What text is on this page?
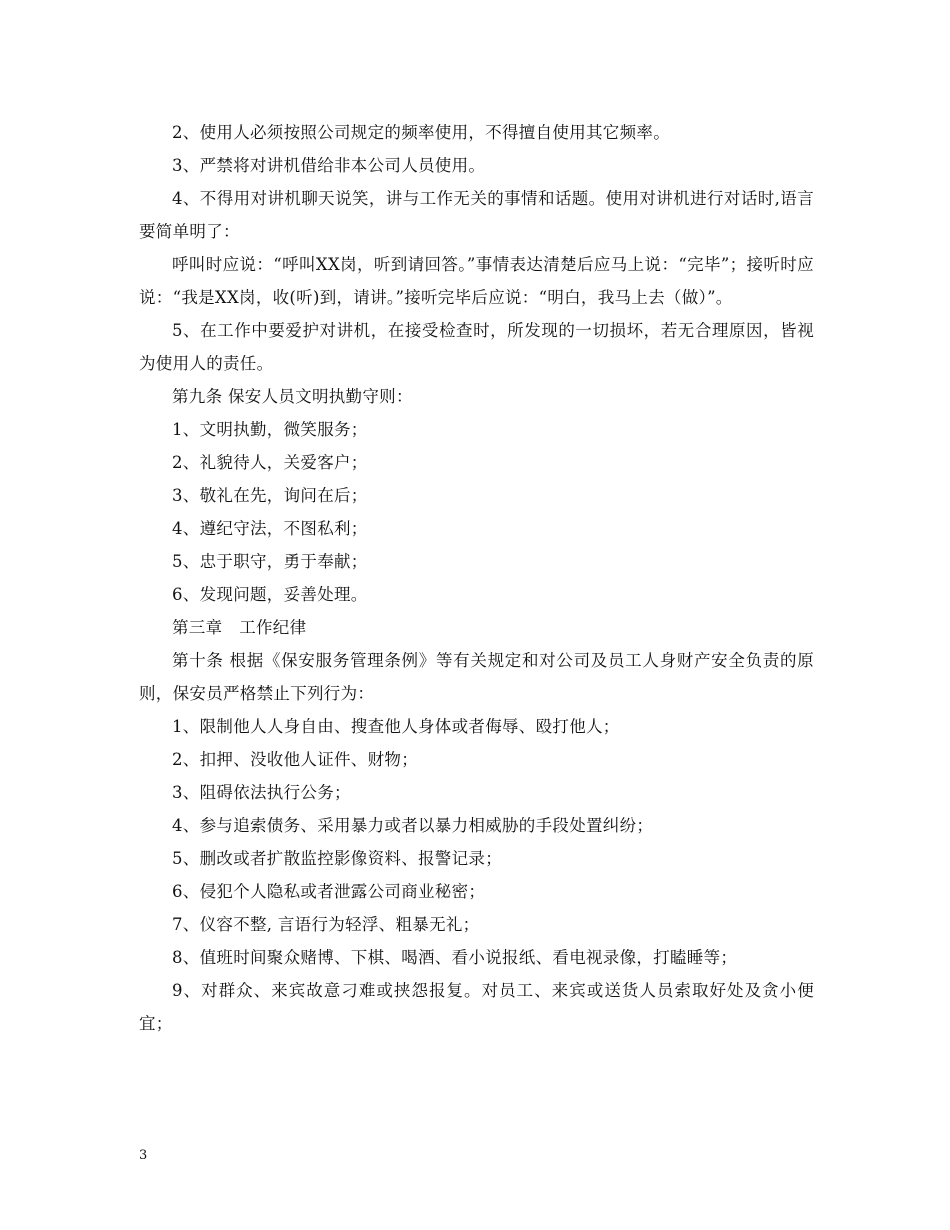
2、使用人必须按照公司规定的频率使用，不得擅自使用其它频率。

3、严禁将对讲机借给非本公司人员使用。

4、不得用对讲机聊天说笑，讲与工作无关的事情和话题。使用对讲机进行对话时,语言要简单明了：

呼叫时应说：“呼叫XX岗，听到请回答。”事情表达清楚后应马上说：“完毕”；接听时应说：“我是XX岗，收(听)到，请讲。”接听完毕后应说：“明白，我马上去（做）”。

5、在工作中要爱护对讲机，在接受检查时，所发现的一切损坏，若无合理原因，皆视为使用人的责任。

第九条 保安人员文明执勤守则：

1、文明执勤，微笑服务；

2、礼貌待人，关爱客户；

3、敬礼在先，询问在后；

4、遵纪守法，不图私利；

5、忠于职守，勇于奉献；

6、发现问题，妥善处理。

第三章　工作纪律

第十条 根据《保安服务管理条例》等有关规定和对公司及员工人身财产安全负责的原则，保安员严格禁止下列行为：

1、限制他人人身自由、搜查他人身体或者侮辱、殴打他人；

2、扣押、没收他人证件、财物；

3、阻碍依法执行公务；

4、参与追索债务、采用暴力或者以暴力相威胁的手段处置纠纷；

5、删改或者扩散监控影像资料、报警记录；

6、侵犯个人隐私或者泄露公司商业秘密；

7、仪容不整, 言语行为轻浮、粗暴无礼；

8、值班时间聚众赌博、下棋、喝酒、看小说报纸、看电视录像，打瞌睡等；

9、对群众、来宾故意刁难或挟怨报复。对员工、来宾或送货人员索取好处及贪小便宜；

3
